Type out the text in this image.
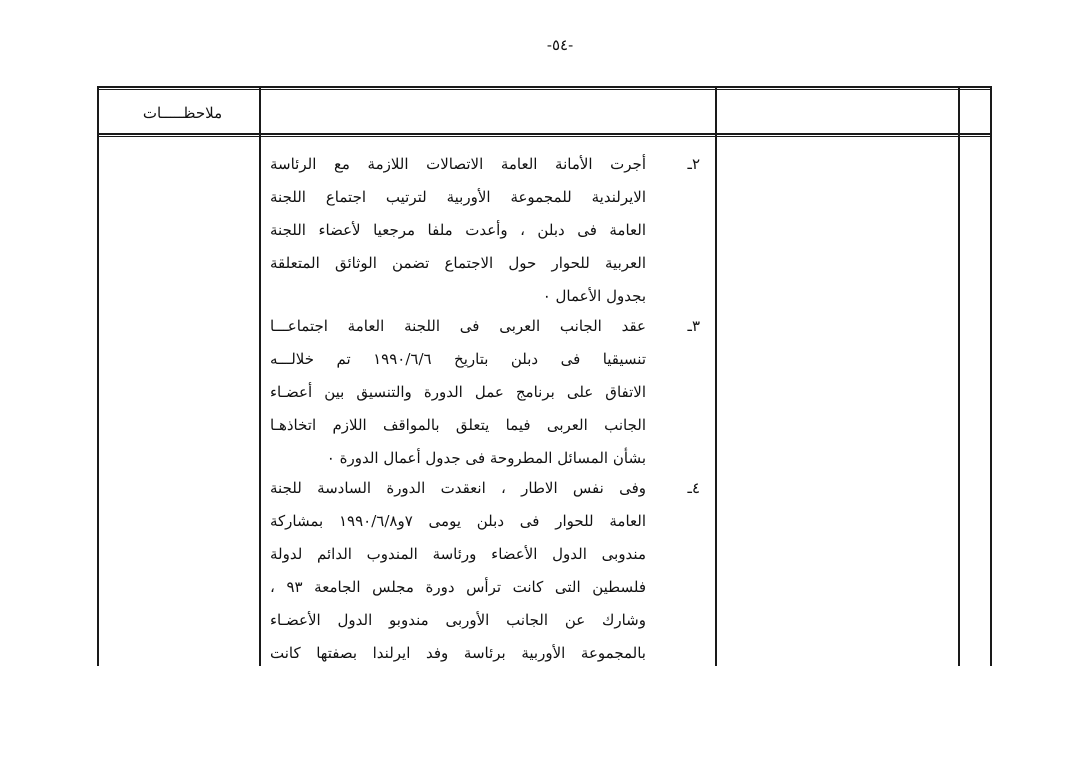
-٥٤-
ملاحظـــــات
٢ـ
أجرت الأمانة العامة الاتصالات اللازمة مع الرئاسة
الايرلندية للمجموعة الأوربية لترتيب اجتماع اللجنة
العامة فى دبلن ، وأعدت ملفا مرجعيا لأعضاء اللجنة
العربية للحوار حول الاجتماع تضمن الوثائق المتعلقة
بجدول الأعمال ٠
٣ـ
عقد الجانب العربى فى اللجنة العامة اجتماعـــا
تنسيقيا فى دبلن بتاريخ ١٩٩٠/٦/٦ تم خلالـــه
الاتفاق على برنامج عمل الدورة والتنسيق بين أعضـاء
الجانب العربى فيما يتعلق بالمواقف اللازم اتخاذهـا
بشأن المسائل المطروحة فى جدول أعمال الدورة ٠
٤ـ
وفى نفس الاطار ، انعقدت الدورة السادسة للجنة
العامة للحوار فى دبلن يومى ٧و١٩٩٠/٦/٨ بمشاركة
مندوبى الدول الأعضاء ورئاسة المندوب الدائم لدولة
فلسطين التى كانت ترأس دورة مجلس الجامعة ٩٣ ،
وشارك عن الجانب الأوربى مندوبو الدول الأعضـاء
بالمجموعة الأوربية برئاسة وفد ايرلندا بصفتها كانت
